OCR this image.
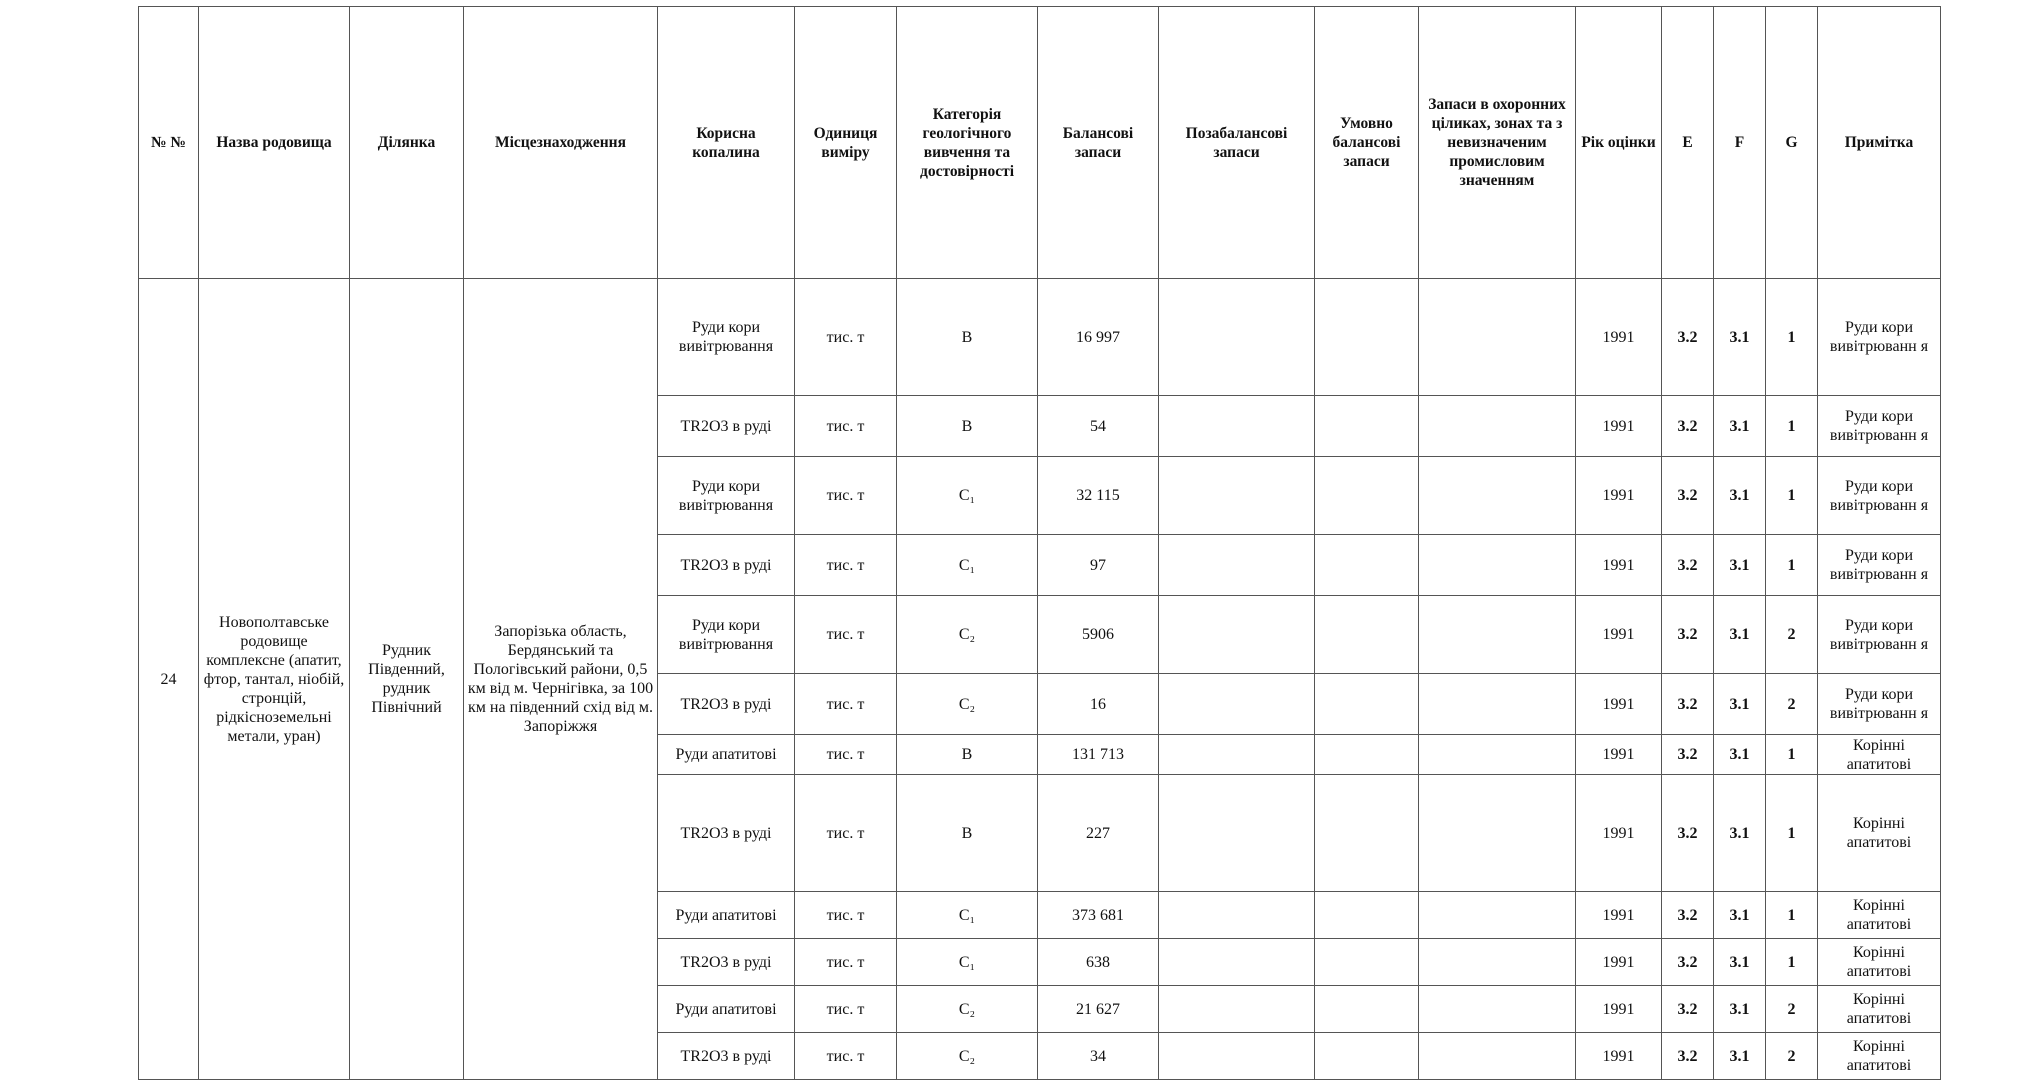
№ №	Назва родовища	Ділянка	Місцезнаходження	Корисна копалина	Одиниця виміру	Категорія геологічного вивчення та достовірності	Балансові запаси	Позабалансові запаси	Умовно балансові запаси	Запаси в охоронних ціликах, зонах та з невизначеним промисловим значенням	Рік оцінки	E	F	G	Примітка
24	Новополтавське родовище комплексне (апатит, фтор, тантал, ніобій, стронцій, рідкісноземельні метали, уран)	Рудник Південний, рудник Північний	Запорізька область, Бердянський та Пологівський райони, 0,5 км від м. Чернігівка, за 100 км на південний схід від м. Запоріжжя	Руди кори вивітрювання	тис. т	B	16 997				1991	3.2	3.1	1	Руди кори вивітрюванн я
				TR2O3 в руді	тис. т	B	54				1991	3.2	3.1	1	Руди кори вивітрюванн я
				Руди кори вивітрювання	тис. т	C₁	32 115				1991	3.2	3.1	1	Руди кори вивітрюванн я
				TR2O3 в руді	тис. т	C₁	97				1991	3.2	3.1	1	Руди кори вивітрюванн я
				Руди кори вивітрювання	тис. т	C₂	5906				1991	3.2	3.1	2	Руди кори вивітрюванн я
				TR2O3 в руді	тис. т	C₂	16				1991	3.2	3.1	2	Руди кори вивітрюванн я
				Руди апатитові	тис. т	B	131 713				1991	3.2	3.1	1	Корінні апатитові
				TR2O3 в руді	тис. т	B	227				1991	3.2	3.1	1	Корінні апатитові
				Руди апатитові	тис. т	C₁	373 681				1991	3.2	3.1	1	Корінні апатитові
				TR2O3 в руді	тис. т	C₁	638				1991	3.2	3.1	1	Корінні апатитові
				Руди апатитові	тис. т	C₂	21 627				1991	3.2	3.1	2	Корінні апатитові
				TR2O3 в руді	тис. т	C₂	34				1991	3.2	3.1	2	Корінні апатитові
